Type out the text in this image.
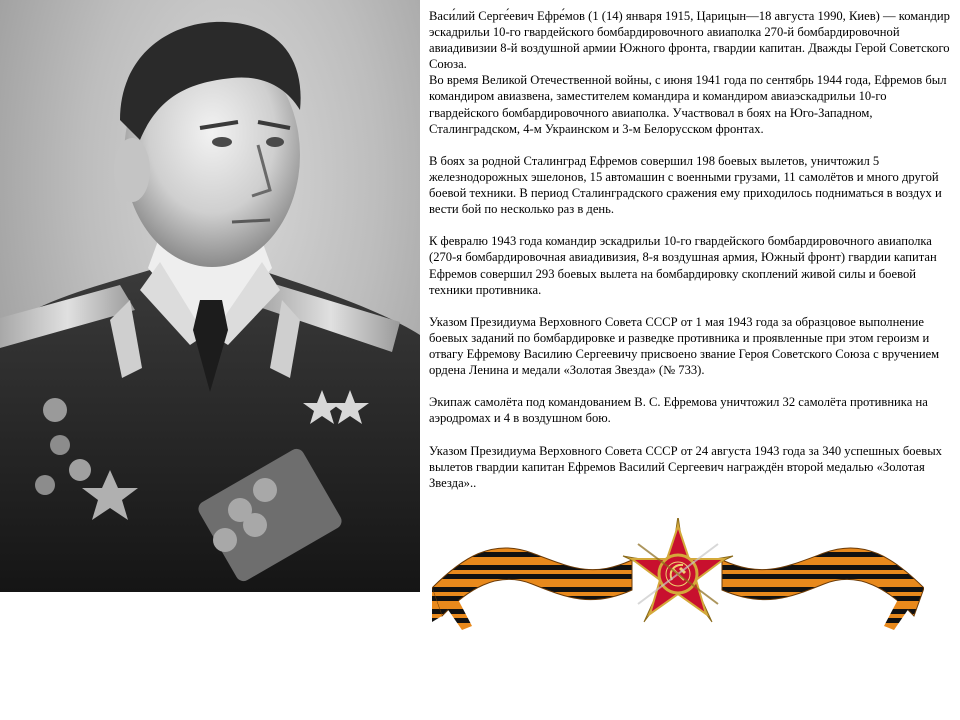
Васи́лий Серге́евич Ефре́мов (1 (14) января 1915, Царицын—18 августа 1990, Киев) — командир эскадрильи 10-го гвардейского бомбардировочного авиаполка 270-й бомбардировочной авиадивизии 8-й воздушной армии Южного фронта, гвардии капитан. Дважды Герой Советского Союза.

Во время Великой Отечественной войны, с июня 1941 года по сентябрь 1944 года, Ефремов был командиром авиазвена, заместителем командира и командиром авиаэскадрильи 10-го гвардейского бомбардировочного авиаполка. Участвовал в боях на Юго-Западном, Сталинградском, 4-м Украинском и 3-м Белорусском фронтах.

В боях за родной Сталинград Ефремов совершил 198 боевых вылетов, уничтожил 5 железнодорожных эшелонов, 15 автомашин с военными грузами, 11 самолётов и много другой боевой техники. В период Сталинградского сражения ему приходилось подниматься в воздух и вести бой по несколько раз в день.

К февралю 1943 года командир эскадрильи 10-го гвардейского бомбардировочного авиаполка (270-я бомбардировочная авиадивизия, 8-я воздушная армия, Южный фронт) гвардии капитан Ефремов совершил 293 боевых вылета на бомбардировку скоплений живой силы и боевой техники противника.

Указом Президиума Верховного Совета СССР от 1 мая 1943 года за образцовое выполнение боевых заданий по бомбардировке и разведке противника и проявленные при этом героизм и отвагу Ефремову Василию Сергеевичу присвоено звание Героя Советского Союза с вручением ордена Ленина и медали «Золотая Звезда» (№ 733).

Экипаж самолёта под командованием В. С. Ефремова уничтожил 32 самолёта противника на аэродромах и 4 в воздушном бою.

Указом Президиума Верховного Совета СССР от 24 августа 1943 года за 340 успешных боевых вылетов гвардии капитан Ефремов Василий Сергеевич награждён второй медалью «Золотая Звезда»..
